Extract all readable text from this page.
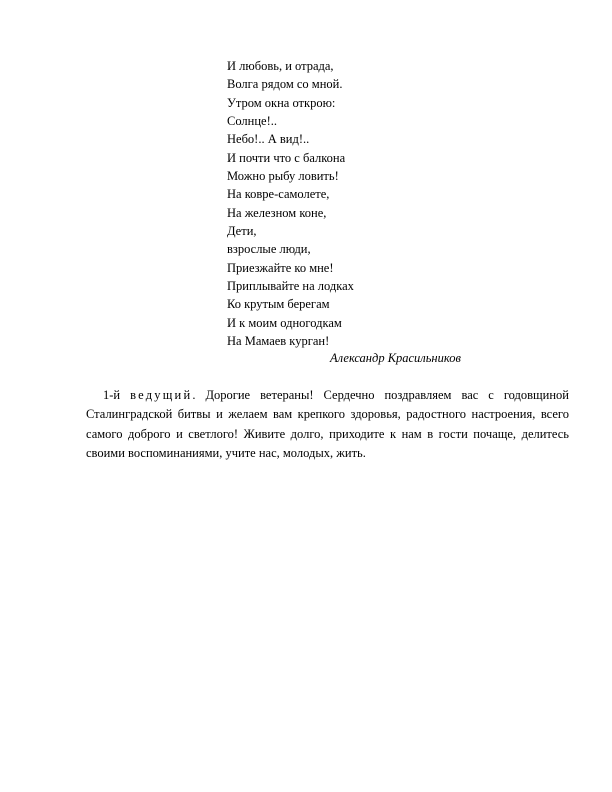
И любовь, и отрада,
Волга рядом со мной.
Утром окна открою:
Солнце!..
Небо!.. А вид!..
И почти что с балкона
Можно рыбу ловить!
На ковре-самолете,
На железном коне,
Дети,
взрослые люди,
Приезжайте ко мне!
Приплывайте на лодках
Ко крутым берегам
И к моим одногодкам
На Мамаев курган!
Александр Красильников

1-й ведущий. Дорогие ветераны! Сердечно поздравляем вас с годовщиной Сталинградской битвы и желаем вам крепкого здоровья, радостного настроения, всего самого доброго и светлого! Живите долго, приходите к нам в гости почаще, делитесь своими воспоминаниями, учите нас, молодых, жить.
